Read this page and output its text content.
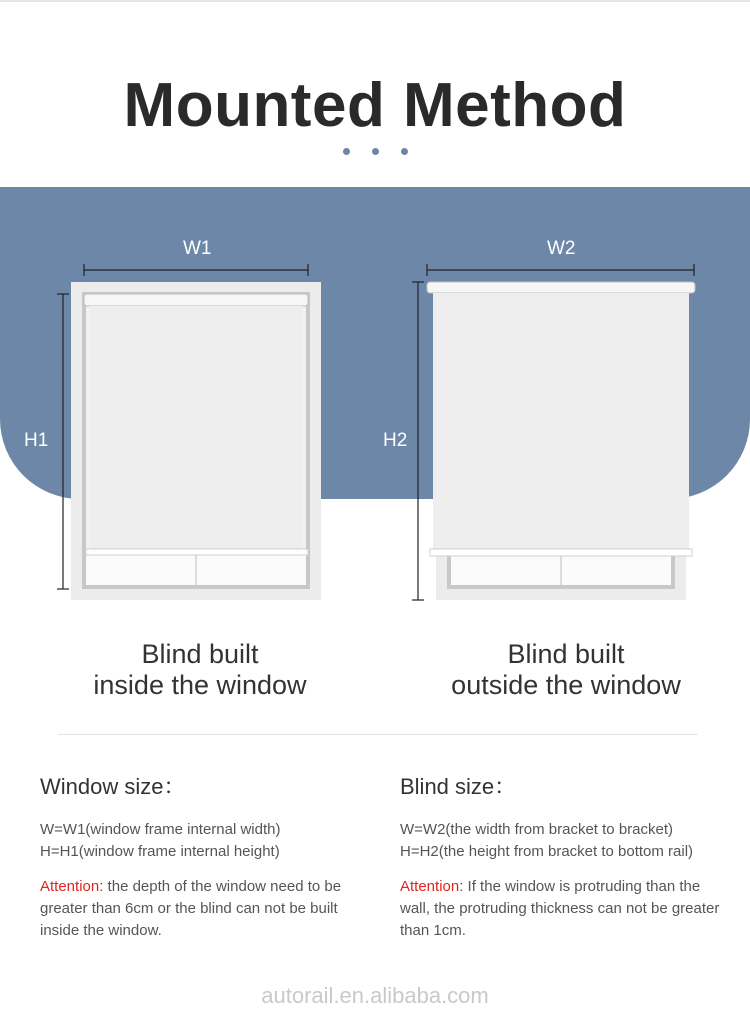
Mounted Method
W1
H1
W2
H2
Blind built
inside the window
Blind built
outside the window
Window size：
W=W1(window frame internal width)
H=H1(window frame internal height)
Attention: the depth of the window need to be greater than 6cm or the blind can not be built inside the window.
Blind size：
W=W2(the width from bracket to bracket)
H=H2(the height from bracket to bottom rail)
Attention: If the window is protruding than the wall, the protruding thickness can not be greater than 1cm.
autorail.en.alibaba.com
